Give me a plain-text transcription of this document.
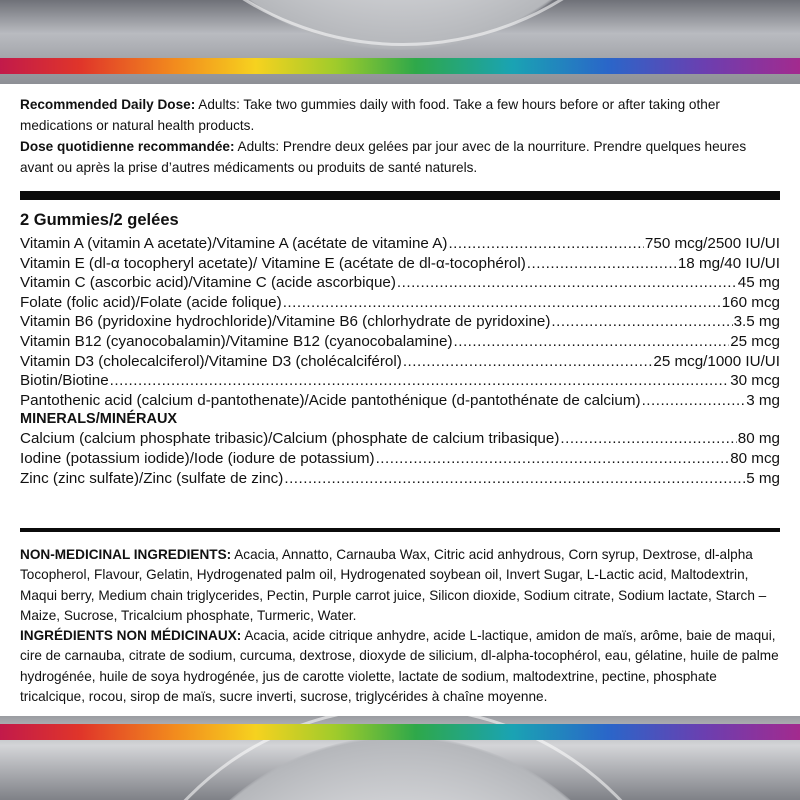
Recommended Daily Dose: Adults: Take two gummies daily with food. Take a few hours before or after taking other medications or natural health products.

Dose quotidienne recommandée: Adults: Prendre deux gelées par jour avec de la nourriture. Prendre quelques heures avant ou après la prise d’autres médicaments ou produits de santé naturels.

2 Gummies/2 gelées
Vitamin A (vitamin A acetate)/Vitamine A (acétate de vitamine A) .....	750 mcg/2500 IU/UI
Vitamin E (dl-α tocopheryl acetate)/ Vitamine E (acétate de dl-α-tocophérol) .....	18 mg/40 IU/UI
Vitamin C (ascorbic acid)/Vitamine C (acide ascorbique) .....	45 mg
Folate (folic acid)/Folate (acide folique) .....	160 mcg
Vitamin B6 (pyridoxine hydrochloride)/Vitamine B6 (chlorhydrate de pyridoxine) .....	3.5 mg
Vitamin B12 (cyanocobalamin)/Vitamine B12 (cyanocobalamine) .....	25 mcg
Vitamin D3 (cholecalciferol)/Vitamine D3 (cholécalciférol) .....	25 mcg/1000 IU/UI
Biotin/Biotine .....	30 mcg
Pantothenic acid (calcium d-pantothenate)/Acide pantothénique (d-pantothénate de calcium) .....	3 mg
MINERALS/MINÉRAUX
Calcium (calcium phosphate tribasic)/Calcium (phosphate de calcium tribasique) .....	80 mg
Iodine (potassium iodide)/Iode (iodure de potassium) .....	80 mcg
Zinc (zinc sulfate)/Zinc (sulfate de zinc) .....	5 mg

NON-MEDICINAL INGREDIENTS: Acacia, Annatto, Carnauba Wax, Citric acid anhydrous, Corn syrup, Dextrose, dl-alpha Tocopherol, Flavour, Gelatin, Hydrogenated palm oil, Hydrogenated soybean oil, Invert Sugar, L-Lactic acid, Maltodextrin, Maqui berry, Medium chain triglycerides, Pectin, Purple carrot juice, Silicon dioxide, Sodium citrate, Sodium lactate, Starch – Maize, Sucrose, Tricalcium phosphate, Turmeric, Water.

INGRÉDIENTS NON MÉDICINAUX: Acacia, acide citrique anhydre, acide L-lactique, amidon de maïs, arôme, baie de maqui, cire de carnauba, citrate de sodium, curcuma, dextrose, dioxyde de silicium, dl-alpha-tocophérol, eau, gélatine, huile de palme hydrogénée, huile de soya hydrogénée, jus de carotte violette, lactate de sodium, maltodextrine, pectine, phosphate tricalcique, rocou, sirop de maïs, sucre inverti, sucrose, triglycérides à chaîne moyenne.
